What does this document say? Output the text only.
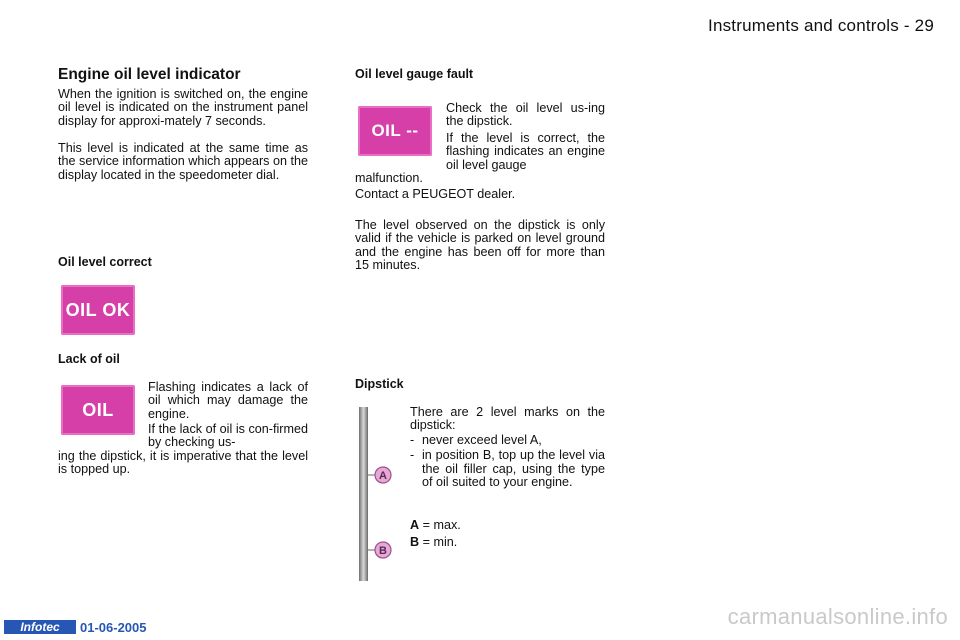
Instruments and controls - 29
Engine oil level indicator

When the ignition is switched on, the engine oil level is indicated on the instrument panel display for approxi-mately 7 seconds.

This level is indicated at the same time as the service information which appears on the display located in the speedometer dial.

Oil level correct
OIL OK
Lack of oil
OIL

Flashing indicates a lack of oil which may damage the engine.

If the lack of oil is con-firmed by checking us-

ing the dipstick, it is imperative that the level is topped up.

Oil level gauge fault
OIL --

Check the oil level us-ing the dipstick.

If the level is correct, the flashing indicates an engine oil level gauge

malfunction.

Contact a PEUGEOT dealer.

The level observed on the dipstick is only valid if the vehicle is parked on level ground and the engine has been off for more than 15 minutes.

Dipstick
A
B

There are 2 level marks on the dipstick:

- never exceed level A,
- in position B, top up the level via the oil filler cap, using the type of oil suited to your engine.
A = max.
B = min.
Infotec	01-06-2005	carmanualsonline.info
